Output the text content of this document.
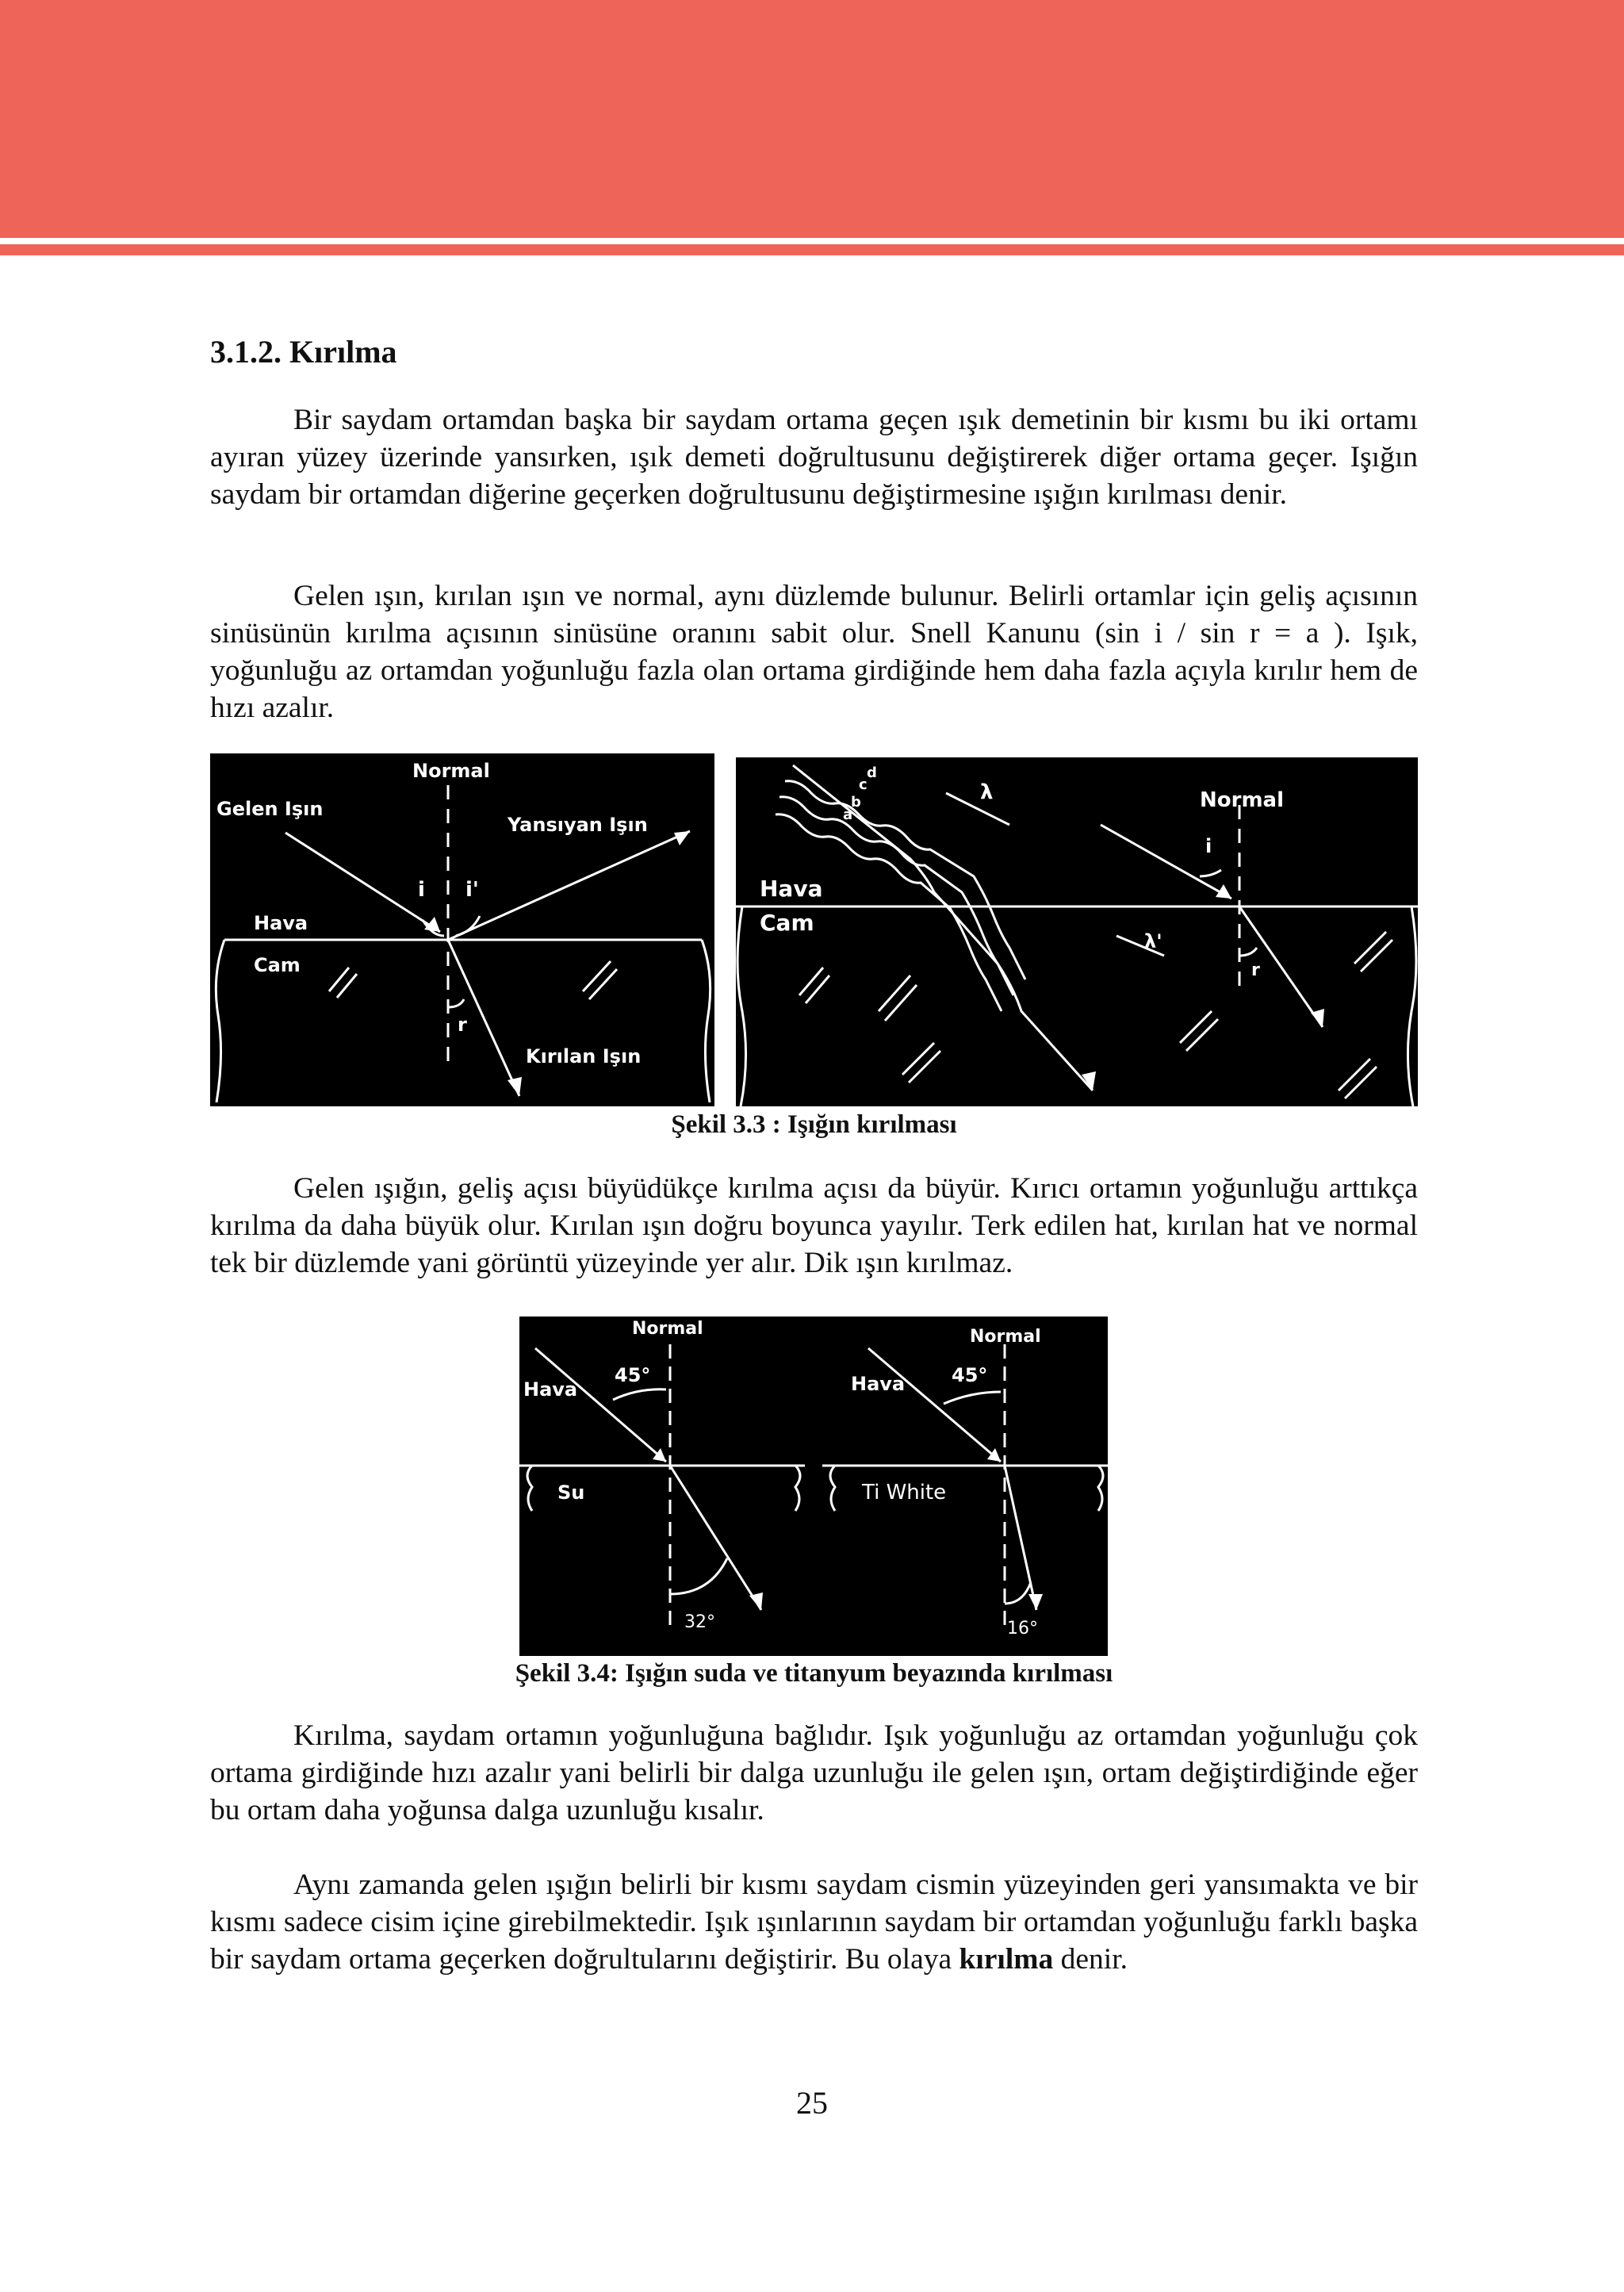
3.1.2. Kırılma

Bir saydam ortamdan başka bir saydam ortama geçen ışık demetinin bir kısmı bu iki ortamı ayıran yüzey üzerinde yansırken, ışık demeti doğrultusunu değiştirerek diğer ortama geçer. Işığın saydam bir ortamdan diğerine geçerken doğrultusunu değiştirmesine ışığın kırılması denir.

Gelen ışın, kırılan ışın ve normal, aynı düzlemde bulunur. Belirli ortamlar için geliş açısının sinüsünün kırılma açısının sinüsüne oranını sabit olur. Snell Kanunu (sin i / sin r = a ). Işık, yoğunluğu az ortamdan yoğunluğu fazla olan ortama girdiğinde hem daha fazla açıyla kırılır hem de hızı azalır.

Normal
Gelen Işın
Yansıyan Işın
i i'
Hava
Cam
r
Kırılan Işın
Normal
i
r
Hava
Cam
d
c
b
a
λ
λ'

Şekil 3.3 : Işığın kırılması

Gelen ışığın, geliş açısı büyüdükçe kırılma açısı da büyür. Kırıcı ortamın yoğunluğu arttıkça kırılma da daha büyük olur. Kırılan ışın doğru boyunca yayılır. Terk edilen hat, kırılan hat ve normal tek bir düzlemde yani görüntü yüzeyinde yer alır. Dik ışın kırılmaz.

Normal
Hava
45°
Su
32°
Normal
Hava 45°
Ti White
16°

Şekil 3.4: Işığın suda ve titanyum beyazında kırılması

Kırılma, saydam ortamın yoğunluğuna bağlıdır. Işık yoğunluğu az ortamdan yoğunluğu çok ortama girdiğinde hızı azalır yani belirli bir dalga uzunluğu ile gelen ışın, ortam değiştirdiğinde eğer bu ortam daha yoğunsa dalga uzunluğu kısalır.

Aynı zamanda gelen ışığın belirli bir kısmı saydam cismin yüzeyinden geri yansımakta ve bir kısmı sadece cisim içine girebilmektedir. Işık ışınlarının saydam bir ortamdan yoğunluğu farklı başka bir saydam ortama geçerken doğrultularını değiştirir. Bu olaya kırılma denir.

25
